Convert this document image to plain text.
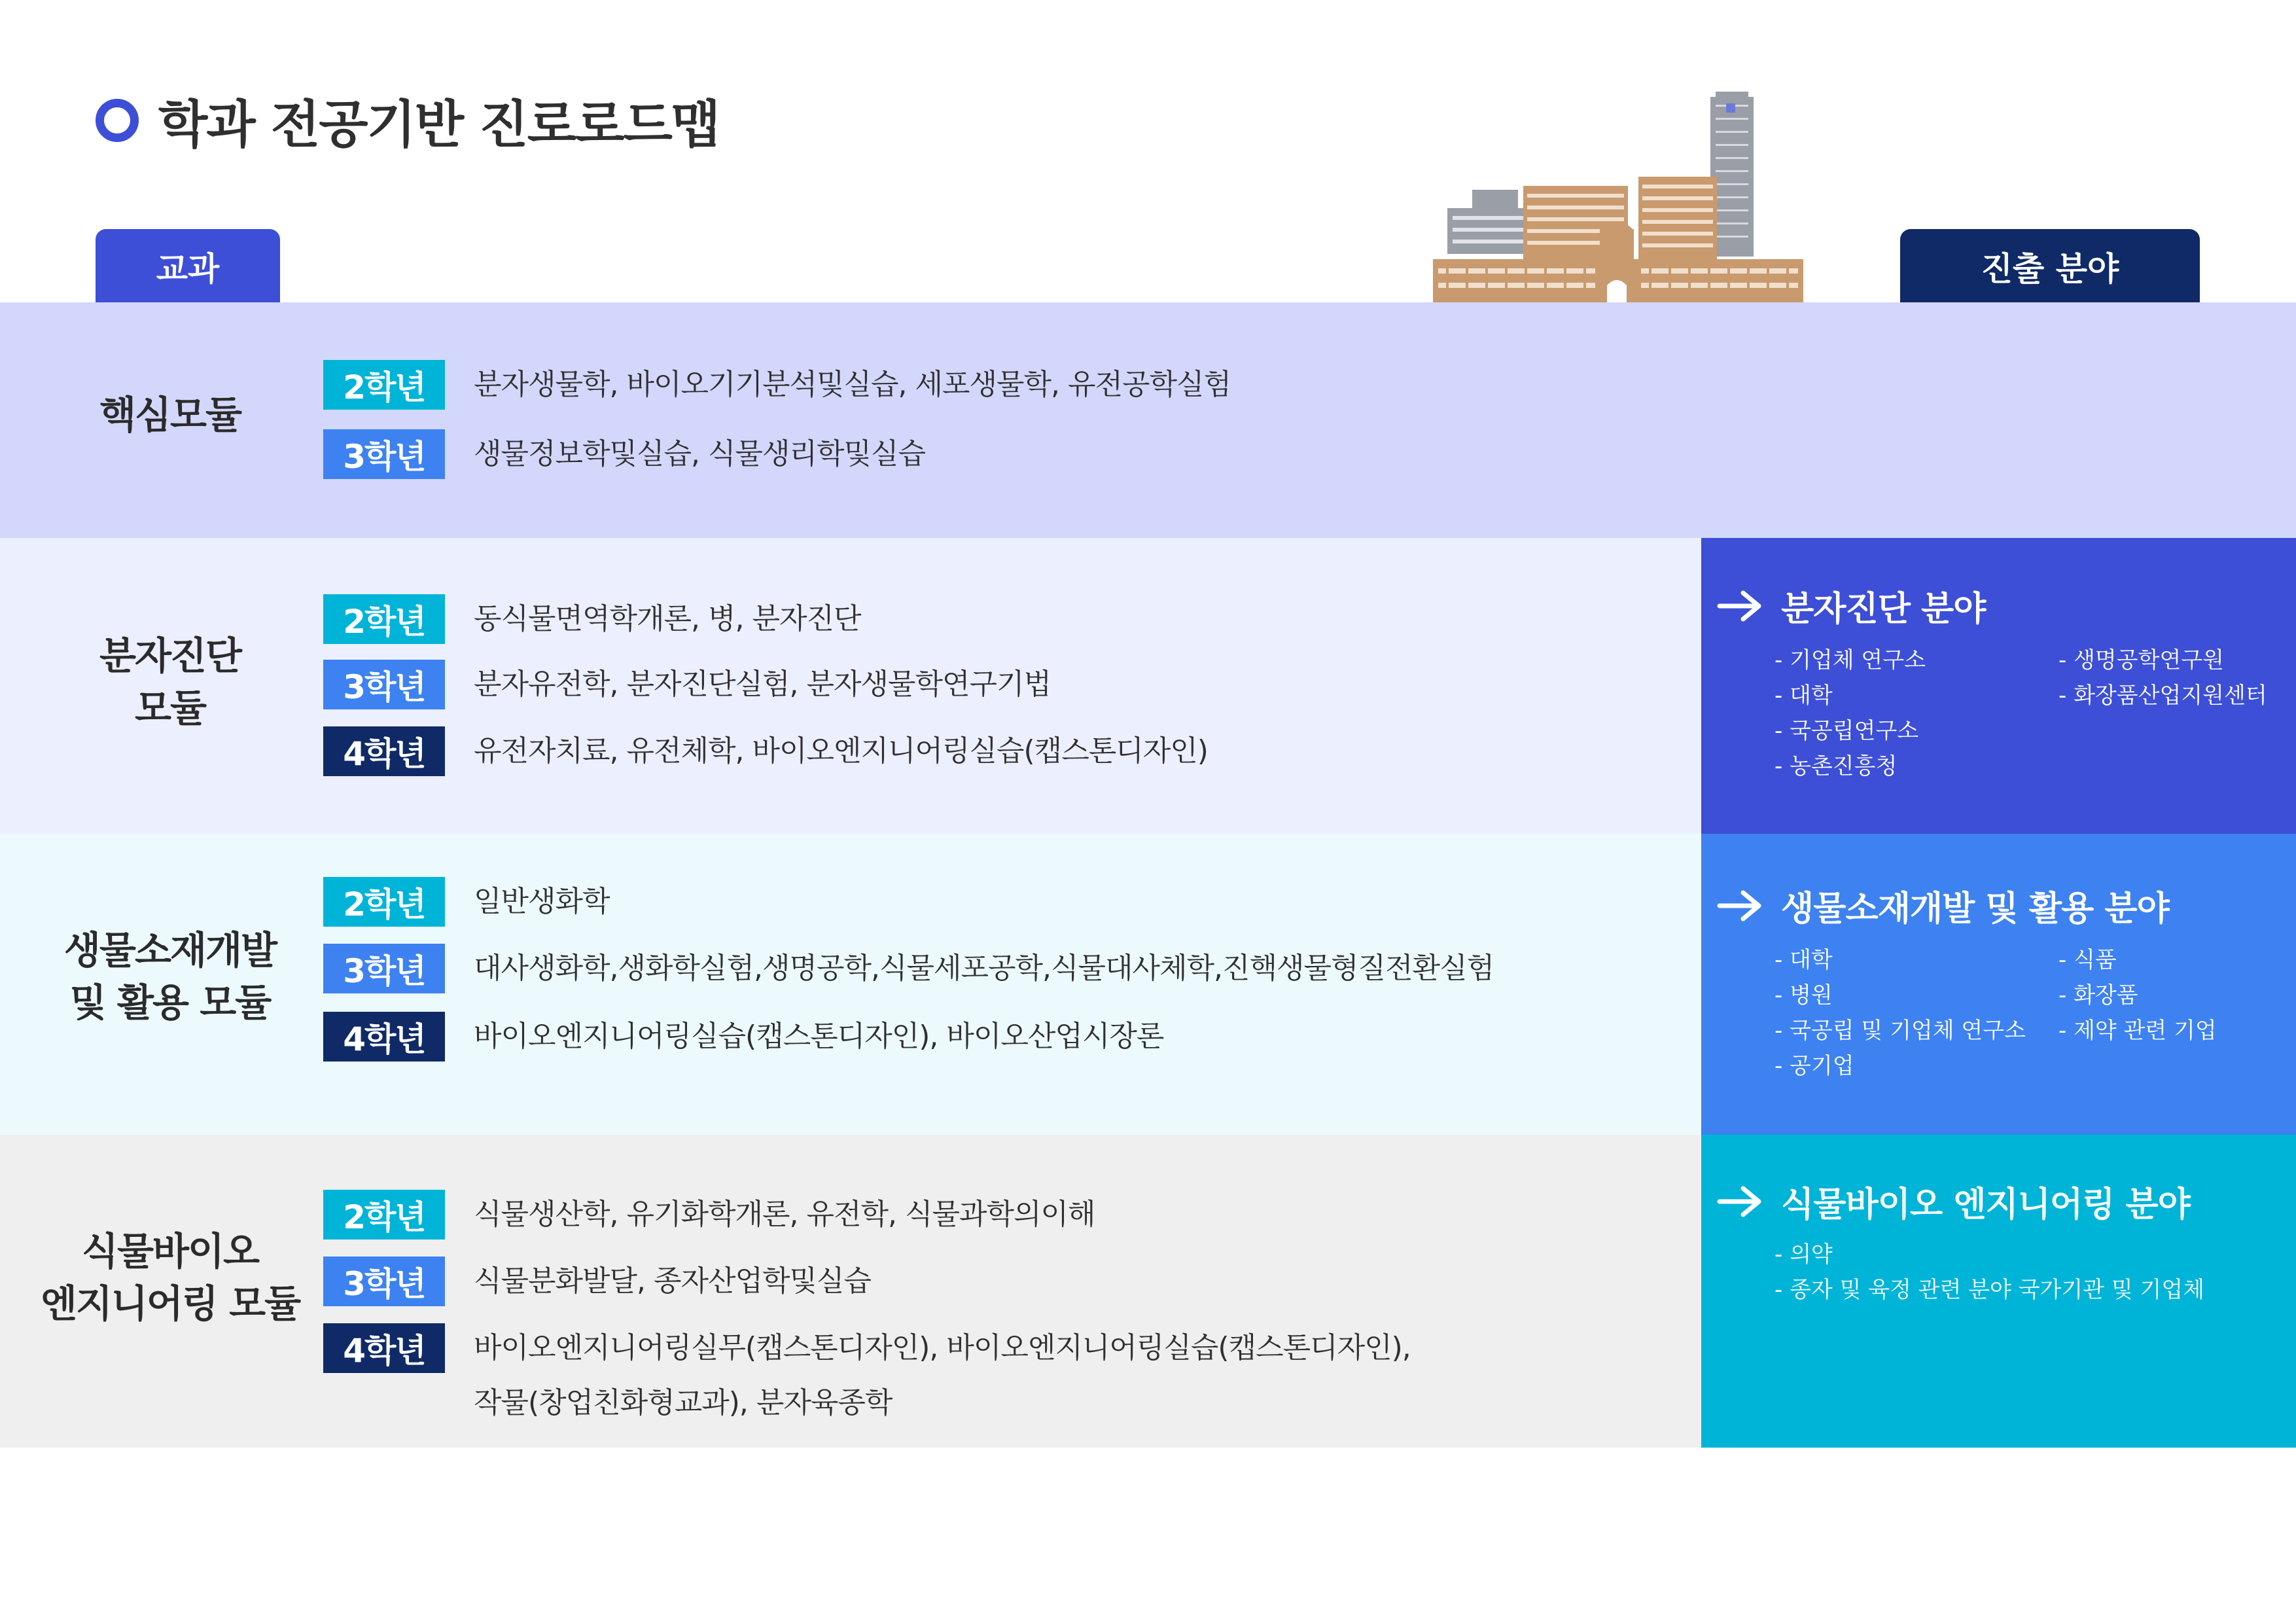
학과 전공기반 진로로드맵
교과	진출 분야
핵심모듈
2학년	분자생물학, 바이오기기분석및실습, 세포생물학, 유전공학실험
3학년	생물정보학및실습, 식물생리학및실습
분자진단
모듈
2학년	동식물면역학개론, 병, 분자진단
3학년	분자유전학, 분자진단실험, 분자생물학연구기법
4학년	유전자치료, 유전체학, 바이오엔지니어링실습(캡스톤디자인)
생물소재개발
및 활용 모듈
2학년	일반생화학
3학년	대사생화학,생화학실험,생명공학,식물세포공학,식물대사체학,진핵생물형질전환실험
4학년	바이오엔지니어링실습(캡스톤디자인), 바이오산업시장론
식물바이오
엔지니어링 모듈
2학년	식물생산학, 유기화학개론, 유전학, 식물과학의이해
3학년	식물분화발달, 종자산업학및실습
4학년	바이오엔지니어링실무(캡스톤디자인), 바이오엔지니어링실습(캡스톤디자인),
작물(창업친화형교과), 분자육종학
분자진단 분야
- 기업체 연구소
- 대학
- 국공립연구소
- 농촌진흥청
- 생명공학연구원
- 화장품산업지원센터
생물소재개발 및 활용 분야
- 대학
- 병원
- 국공립 및 기업체 연구소
- 공기업
- 식품
- 화장품
- 제약 관련 기업
식물바이오 엔지니어링 분야
- 의약
- 종자 및 육정 관련 분야 국가기관 및 기업체
